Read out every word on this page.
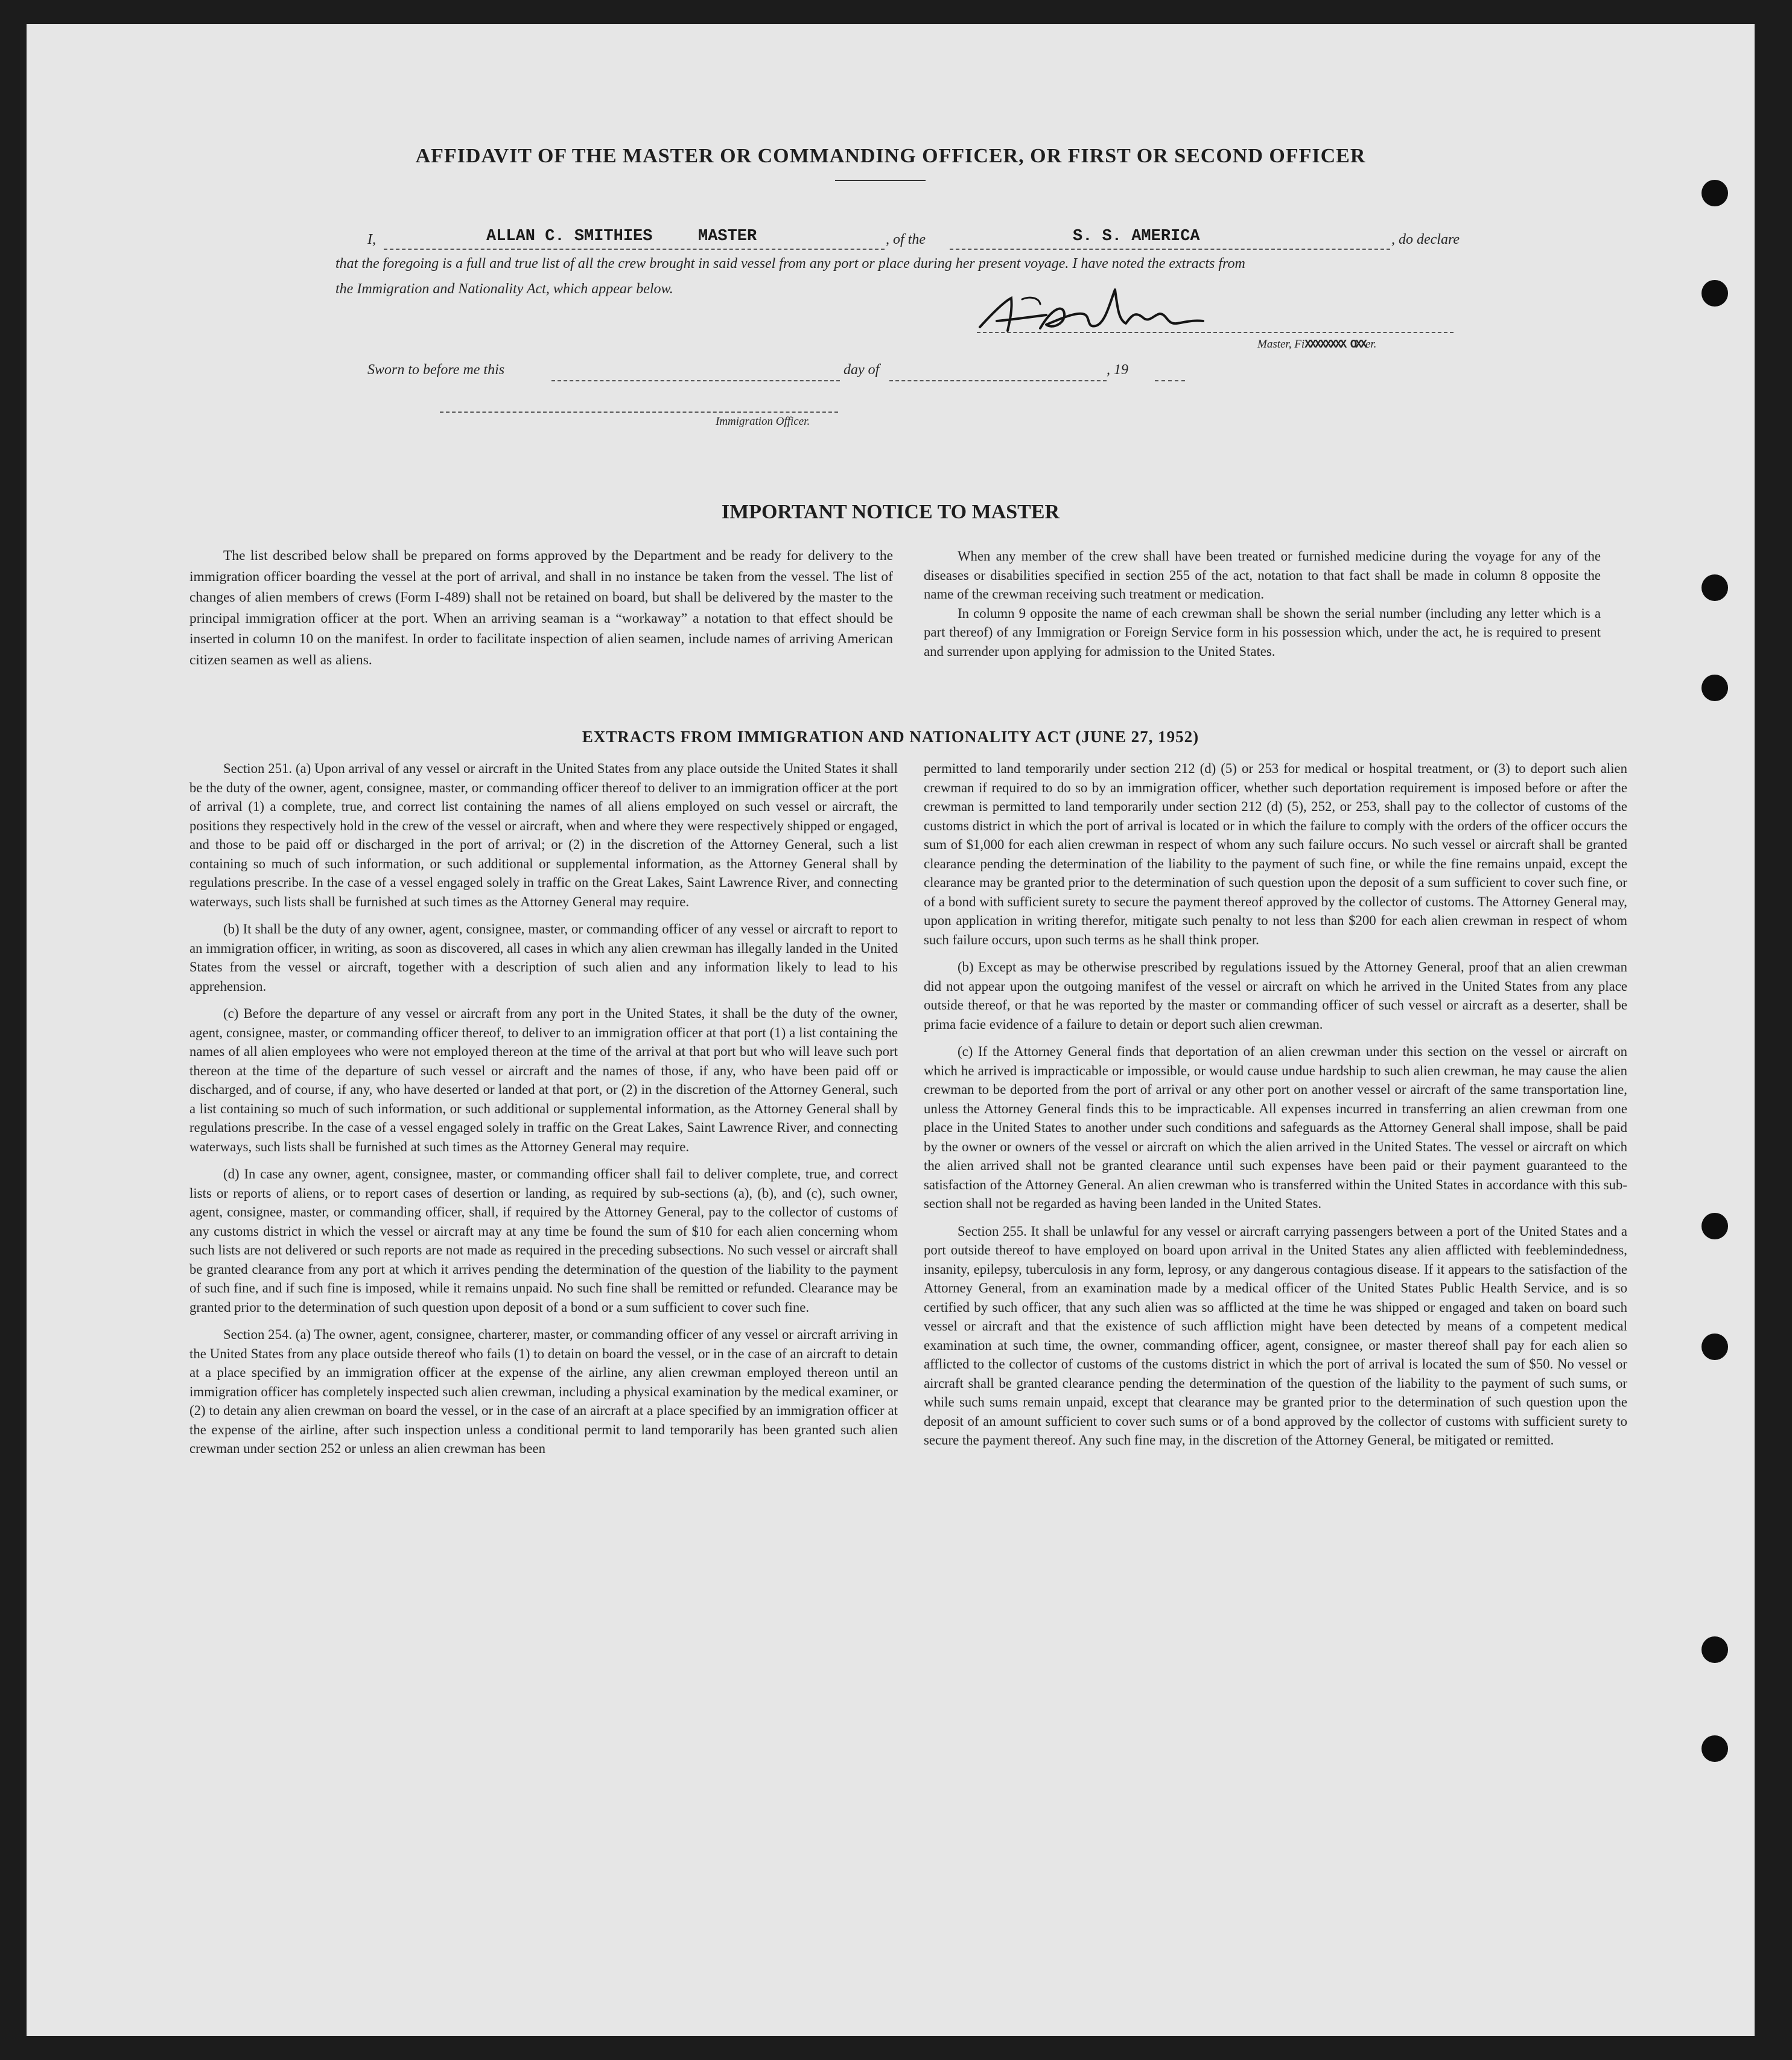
AFFIDAVIT OF THE MASTER OR COMMANDING OFFICER, OR FIRST OR SECOND OFFICER
I,	ALLAN C. SMITHIES	MASTER	, of the	S. S. AMERICA	, do declare
that the foregoing is a full and true list of all the crew brought in said vessel from any port or place during her present voyage. I have noted the extracts from
the Immigration and Nationality Act, which appear below.
Master, FiXXXXXXXX OXXer.
Sworn to before me this	day of	, 19
Immigration Officer.
IMPORTANT NOTICE TO MASTER

The list described below shall be prepared on forms approved by the Department and be ready for delivery to the immigration officer boarding the vessel at the port of arrival, and shall in no instance be taken from the vessel. The list of changes of alien members of crews (Form I-489) shall not be retained on board, but shall be delivered by the master to the principal immigration officer at the port. When an arriving seaman is a “workaway” a notation to that effect should be inserted in column 10 on the manifest. In order to facilitate inspection of alien seamen, include names of arriving American citizen seamen as well as aliens.

When any member of the crew shall have been treated or furnished medicine during the voyage for any of the diseases or disabilities specified in section 255 of the act, notation to that fact shall be made in column 8 opposite the name of the crewman receiving such treatment or medication.

In column 9 opposite the name of each crewman shall be shown the serial number (including any letter which is a part thereof) of any Immigration or Foreign Service form in his possession which, under the act, he is required to present and surrender upon applying for admission to the United States.

EXTRACTS FROM IMMIGRATION AND NATIONALITY ACT (JUNE 27, 1952)

Section 251. (a) Upon arrival of any vessel or aircraft in the United States from any place outside the United States it shall be the duty of the owner, agent, consignee, master, or commanding officer thereof to deliver to an immigration officer at the port of arrival (1) a complete, true, and correct list containing the names of all aliens employed on such vessel or aircraft, the positions they respectively hold in the crew of the vessel or aircraft, when and where they were respectively shipped or engaged, and those to be paid off or discharged in the port of arrival; or (2) in the discretion of the Attorney General, such a list containing so much of such information, or such additional or supplemental information, as the Attorney General shall by regulations prescribe. In the case of a vessel engaged solely in traffic on the Great Lakes, Saint Lawrence River, and connecting waterways, such lists shall be furnished at such times as the Attorney General may require.

(b) It shall be the duty of any owner, agent, consignee, master, or commanding officer of any vessel or aircraft to report to an immigration officer, in writing, as soon as discovered, all cases in which any alien crewman has illegally landed in the United States from the vessel or aircraft, together with a description of such alien and any information likely to lead to his apprehension.

(c) Before the departure of any vessel or aircraft from any port in the United States, it shall be the duty of the owner, agent, consignee, master, or commanding officer thereof, to deliver to an immigration officer at that port (1) a list containing the names of all alien employees who were not employed thereon at the time of the arrival at that port but who will leave such port thereon at the time of the departure of such vessel or aircraft and the names of those, if any, who have been paid off or discharged, and of course, if any, who have deserted or landed at that port, or (2) in the discretion of the Attorney General, such a list containing so much of such information, or such additional or supplemental information, as the Attorney General shall by regulations prescribe. In the case of a vessel engaged solely in traffic on the Great Lakes, Saint Lawrence River, and connecting waterways, such lists shall be furnished at such times as the Attorney General may require.

(d) In case any owner, agent, consignee, master, or commanding officer shall fail to deliver complete, true, and correct lists or reports of aliens, or to report cases of desertion or landing, as required by sub-sections (a), (b), and (c), such owner, agent, consignee, master, or commanding officer, shall, if required by the Attorney General, pay to the collector of customs of any customs district in which the vessel or aircraft may at any time be found the sum of $10 for each alien concerning whom such lists are not delivered or such reports are not made as required in the preceding subsections. No such vessel or aircraft shall be granted clearance from any port at which it arrives pending the determination of the question of the liability to the payment of such fine, and if such fine is imposed, while it remains unpaid. No such fine shall be remitted or refunded. Clearance may be granted prior to the determination of such question upon deposit of a bond or a sum sufficient to cover such fine.

Section 254. (a) The owner, agent, consignee, charterer, master, or commanding officer of any vessel or aircraft arriving in the United States from any place outside thereof who fails (1) to detain on board the vessel, or in the case of an aircraft to detain at a place specified by an immigration officer at the expense of the airline, any alien crewman employed thereon until an immigration officer has completely inspected such alien crewman, including a physical examination by the medical examiner, or (2) to detain any alien crewman on board the vessel, or in the case of an aircraft at a place specified by an immigration officer at the expense of the airline, after such inspection unless a conditional permit to land temporarily has been granted such alien crewman under section 252 or unless an alien crewman has been

permitted to land temporarily under section 212 (d) (5) or 253 for medical or hospital treatment, or (3) to deport such alien crewman if required to do so by an immigration officer, whether such deportation requirement is imposed before or after the crewman is permitted to land temporarily under section 212 (d) (5), 252, or 253, shall pay to the collector of customs of the customs district in which the port of arrival is located or in which the failure to comply with the orders of the officer occurs the sum of $1,000 for each alien crewman in respect of whom any such failure occurs. No such vessel or aircraft shall be granted clearance pending the determination of the liability to the payment of such fine, or while the fine remains unpaid, except the clearance may be granted prior to the determination of such question upon the deposit of a sum sufficient to cover such fine, or of a bond with sufficient surety to secure the payment thereof approved by the collector of customs. The Attorney General may, upon application in writing therefor, mitigate such penalty to not less than $200 for each alien crewman in respect of whom such failure occurs, upon such terms as he shall think proper.

(b) Except as may be otherwise prescribed by regulations issued by the Attorney General, proof that an alien crewman did not appear upon the outgoing manifest of the vessel or aircraft on which he arrived in the United States from any place outside thereof, or that he was reported by the master or commanding officer of such vessel or aircraft as a deserter, shall be prima facie evidence of a failure to detain or deport such alien crewman.

(c) If the Attorney General finds that deportation of an alien crewman under this section on the vessel or aircraft on which he arrived is impracticable or impossible, or would cause undue hardship to such alien crewman, he may cause the alien crewman to be deported from the port of arrival or any other port on another vessel or aircraft of the same transportation line, unless the Attorney General finds this to be impracticable. All expenses incurred in transferring an alien crewman from one place in the United States to another under such conditions and safeguards as the Attorney General shall impose, shall be paid by the owner or owners of the vessel or aircraft on which the alien arrived in the United States. The vessel or aircraft on which the alien arrived shall not be granted clearance until such expenses have been paid or their payment guaranteed to the satisfaction of the Attorney General. An alien crewman who is transferred within the United States in accordance with this sub-section shall not be regarded as having been landed in the United States.

Section 255. It shall be unlawful for any vessel or aircraft carrying passengers between a port of the United States and a port outside thereof to have employed on board upon arrival in the United States any alien afflicted with feeblemindedness, insanity, epilepsy, tuberculosis in any form, leprosy, or any dangerous contagious disease. If it appears to the satisfaction of the Attorney General, from an examination made by a medical officer of the United States Public Health Service, and is so certified by such officer, that any such alien was so afflicted at the time he was shipped or engaged and taken on board such vessel or aircraft and that the existence of such affliction might have been detected by means of a competent medical examination at such time, the owner, commanding officer, agent, consignee, or master thereof shall pay for each alien so afflicted to the collector of customs of the customs district in which the port of arrival is located the sum of $50. No vessel or aircraft shall be granted clearance pending the determination of the question of the liability to the payment of such sums, or while such sums remain unpaid, except that clearance may be granted prior to the determination of such question upon the deposit of an amount sufficient to cover such sums or of a bond approved by the collector of customs with sufficient surety to secure the payment thereof. Any such fine may, in the discretion of the Attorney General, be mitigated or remitted.
